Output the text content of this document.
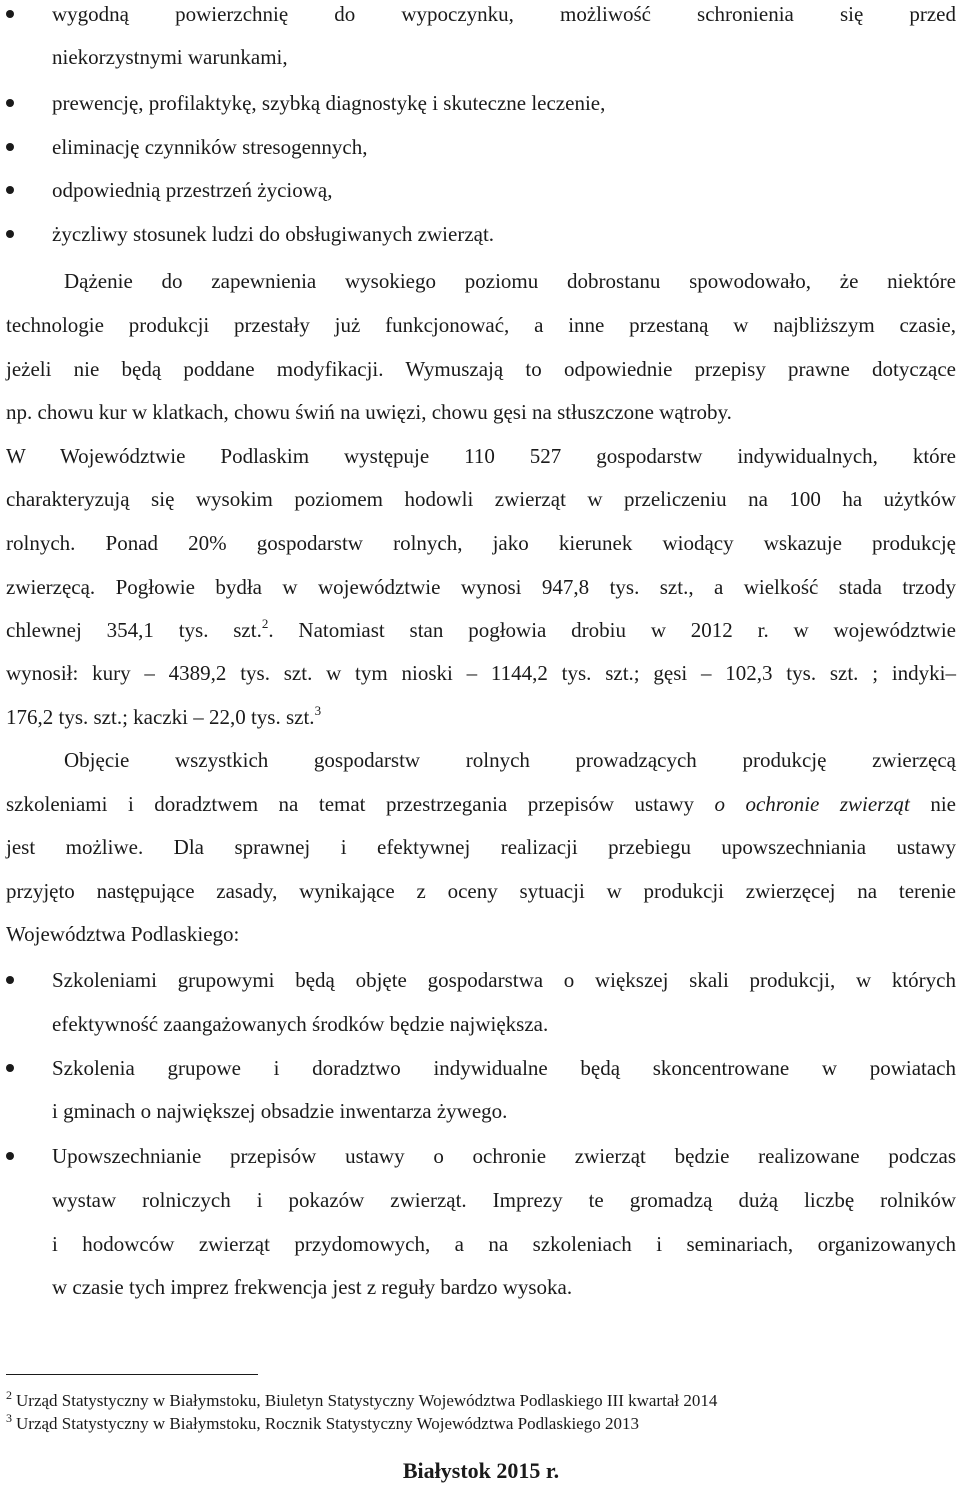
Białystok 2015 r.
wygodną powierzchnię do wypoczynku, możliwość schronienia się przed
niekorzystnymi warunkami,
prewencję, profilaktykę, szybką diagnostykę i skuteczne leczenie,
eliminację czynników stresogennych,
odpowiednią przestrzeń życiową,
życzliwy stosunek ludzi do obsługiwanych zwierząt.
Dążenie do zapewnienia wysokiego poziomu dobrostanu spowodowało, że niektóre
technologie produkcji przestały już funkcjonować, a inne przestaną w najbliższym czasie,
jeżeli nie będą poddane modyfikacji. Wymuszają to odpowiednie przepisy prawne dotyczące
np. chowu kur w klatkach, chowu świń na uwięzi, chowu gęsi na stłuszczone wątroby.
W Województwie Podlaskim występuje 110 527 gospodarstw indywidualnych, które
charakteryzują się wysokim poziomem hodowli zwierząt w przeliczeniu na 100 ha użytków
rolnych. Ponad 20% gospodarstw rolnych, jako kierunek wiodący wskazuje produkcję
zwierzęcą. Pogłowie bydła w województwie wynosi 947,8 tys. szt., a wielkość stada trzody
chlewnej 354,1 tys. szt.$^2$. Natomiast stan pogłowia drobiu w 2012 r. w województwie
wynosił: kury – 4389,2 tys. szt. w tym nioski – 1144,2 tys. szt.; gęsi – 102,3 tys. szt. ; indyki–
176,2 tys. szt.; kaczki – 22,0 tys. szt.$^3$
Objęcie wszystkich gospodarstw rolnych prowadzących produkcję zwierzęcą
szkoleniami i doradztwem na temat przestrzegania przepisów ustawy o ochronie zwierząt nie
jest możliwe. Dla sprawnej i efektywnej realizacji przebiegu upowszechniania ustawy
przyjęto następujące zasady, wynikające z oceny sytuacji w produkcji zwierzęcej na terenie
Województwa Podlaskiego:
Szkoleniami grupowymi będą objęte gospodarstwa o większej skali produkcji, w których
efektywność zaangażowanych środków będzie największa.
Szkolenia grupowe i doradztwo indywidualne będą skoncentrowane w powiatach
i gminach o największej obsadzie inwentarza żywego.
Upowszechnianie przepisów ustawy o ochronie zwierząt będzie realizowane podczas
wystaw rolniczych i pokazów zwierząt. Imprezy te gromadzą dużą liczbę rolników
i hodowców zwierząt przydomowych, a na szkoleniach i seminariach, organizowanych
w czasie tych imprez frekwencja jest z reguły bardzo wysoka.
$^2$ Urząd Statystyczny w Białymstoku, Biuletyn Statystyczny Województwa Podlaskiego III kwartał 2014
$^3$ Urząd Statystyczny w Białymstoku, Rocznik Statystyczny Województwa Podlaskiego 2013
